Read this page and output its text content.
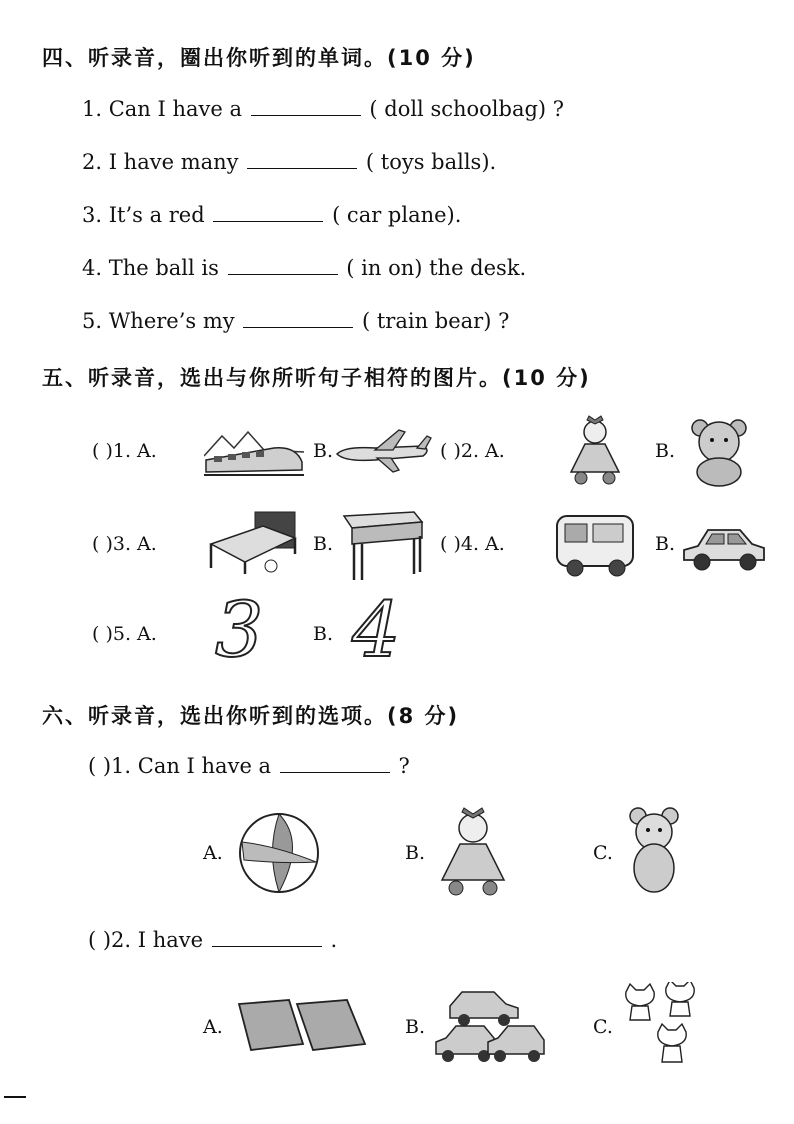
四、听录音，圈出你听到的单词。(10 分)
1. Can I have a	( doll schoolbag) ?
2. I have many	( toys balls).
3. It’s a red	( car plane).
4. The ball is	( in on) the desk.
5. Where’s my	( train bear) ?
五、听录音，选出与你所听句子相符的图片。(10 分)
( )1. A.	B.	( )2. A.	B.
( )3. A.	B.	( )4. A.	B.
( )5. A. 3	B. 4
六、听录音，选出你听到的选项。(8 分)
( )1. Can I have a	?
A.	B.	C.
( )2. I have	.
A.	B.	C.
